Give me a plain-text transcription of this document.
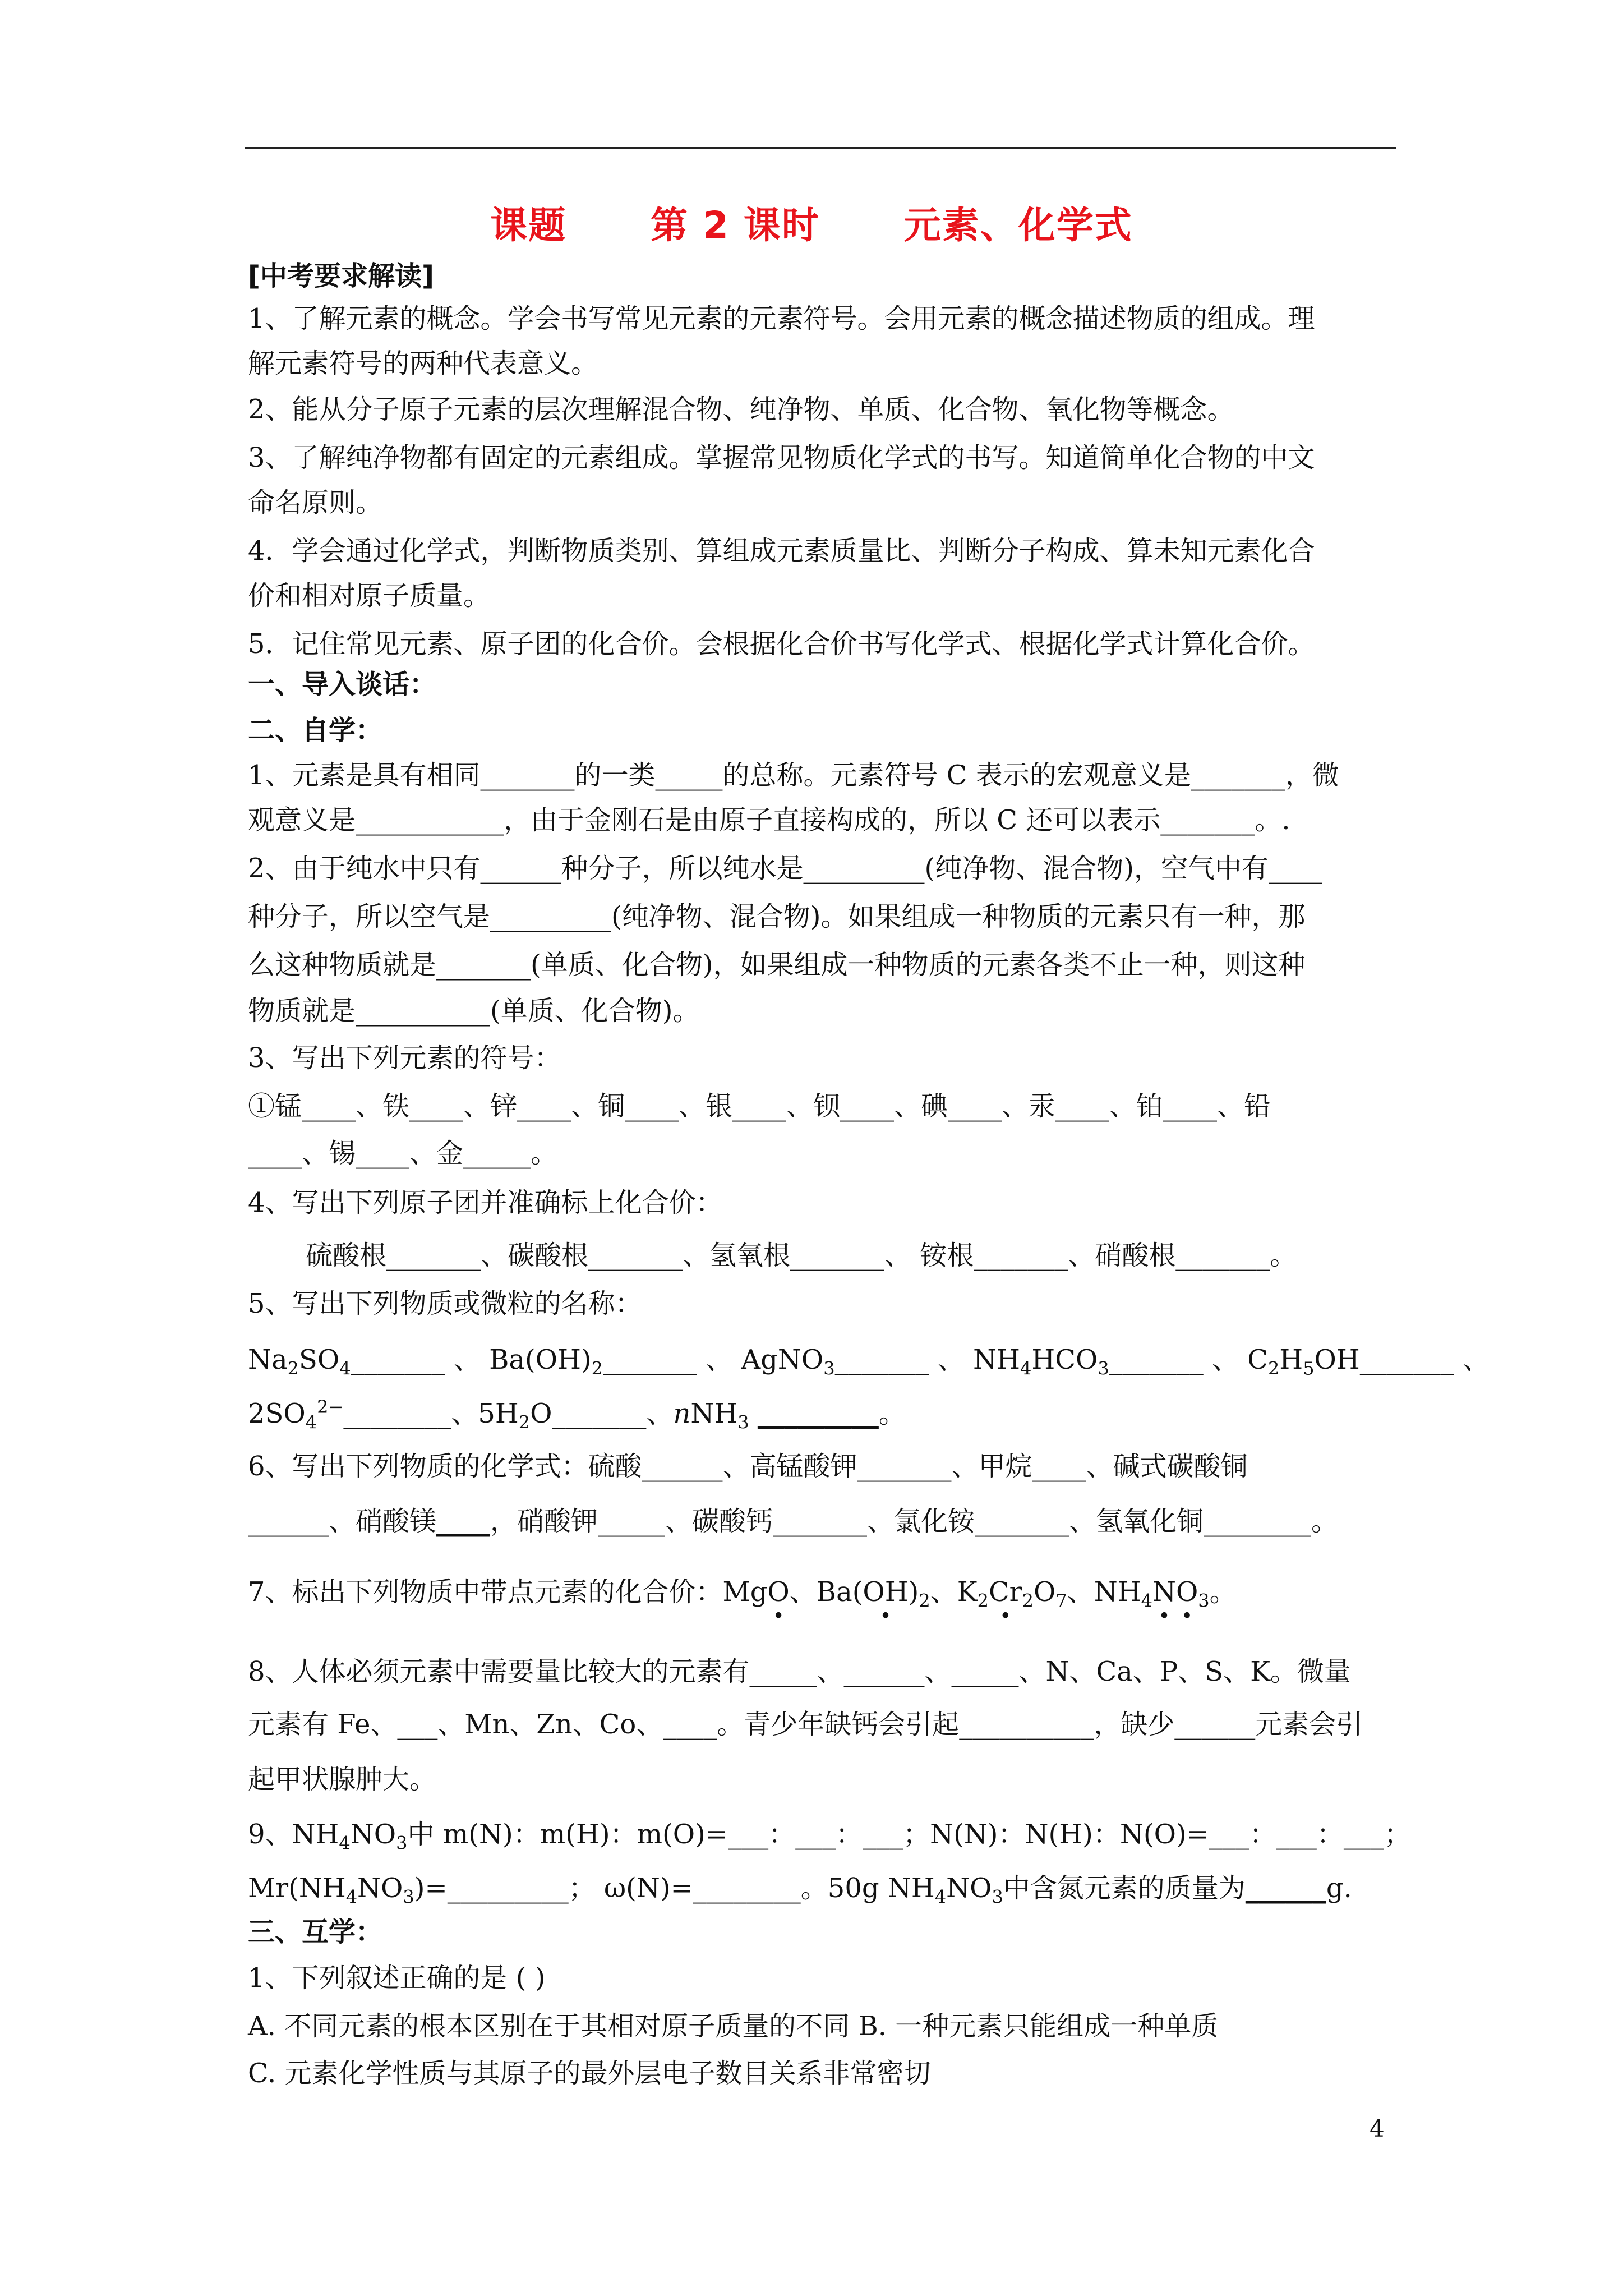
课题      第 2 课时      元素、化学式
[中考要求解读]
1、了解元素的概念。学会书写常见元素的元素符号。会用元素的概念描述物质的组成。理
解元素符号的两种代表意义。
2、能从分子原子元素的层次理解混合物、纯净物、单质、化合物、氧化物等概念。
3、了解纯净物都有固定的元素组成。掌握常见物质化学式的书写。知道简单化合物的中文
命名原则。
4．学会通过化学式，判断物质类别、算组成元素质量比、判断分子构成、算未知元素化合
价和相对原子质量。
5．记住常见元素、原子团的化合价。会根据化合价书写化学式、根据化学式计算化合价。
一、导入谈话：
二、自学：
1、元素是具有相同_______的一类_____的总称。元素符号 C 表示的宏观意义是_______，微
观意义是___________，由于金刚石是由原子直接构成的，所以 C 还可以表示_______。.
2、由于纯水中只有______种分子，所以纯水是_________(纯净物、混合物)，空气中有____
种分子，所以空气是_________(纯净物、混合物)。如果组成一种物质的元素只有一种，那
么这种物质就是_______(单质、化合物)，如果组成一种物质的元素各类不止一种，则这种
物质就是__________(单质、化合物)。
3、写出下列元素的符号：
①锰____、铁____、锌____、铜____、银____、钡____、碘____、汞____、铂____、铅
____、锡____、金_____。
4、写出下列原子团并准确标上化合价：
硫酸根_______、碳酸根_______、氢氧根_______、 铵根_______、硝酸根_______。
5、写出下列物质或微粒的名称：
$Na_2SO_4\_\_\_\_\_\_\_$ 、 $Ba(OH)_2\_\_\_\_\_\_\_$ 、 AgNO$_3$_______ 、 $NH_4HCO_3\_\_\_\_\_\_\_$ 、 $C_2H_5OH\_\_\_\_\_\_\_$ 、
$2SO_4^{2-}\_\_\_\_\_\_\_\_$、$5H_2O\_\_\_\_\_\_\_$、nNH$_3$ _________。
6、写出下列物质的化学式：硫酸______、高锰酸钾_______、甲烷____、碱式碳酸铜
______、硝酸镁____，硝酸钾_____、碳酸钙_______、氯化铵_______、氢氧化铜________。
7、标出下列物质中带点元素的化合价：MgO •、Ba(OH) $•_2$、$K_2Cr$ $•_2O_7$、$NH_4N$ •O $•_3$。
8、人体必须元素中需要量比较大的元素有_____、______、_____、N、Ca、P、S、K。微量
元素有 Fe、___、Mn、Zn、Co、____。青少年缺钙会引起__________，缺少______元素会引
起甲状腺肿大。
9、$NH_4NO_3$中 m(N)：m(H)：m(O)=___：___：___；N(N)：N(H)：N(O)=___：___：___；
$Mr(NH_4NO_3)=\_\_\_\_\_\_\_\_\_$； ω(N)=________。50g $NH_4NO_3$中含氮元素的质量为______g.
三、互学：
1、下列叙述正确的是 ( )
A. 不同元素的根本区别在于其相对原子质量的不同 B. 一种元素只能组成一种单质
C. 元素化学性质与其原子的最外层电子数目关系非常密切
4
